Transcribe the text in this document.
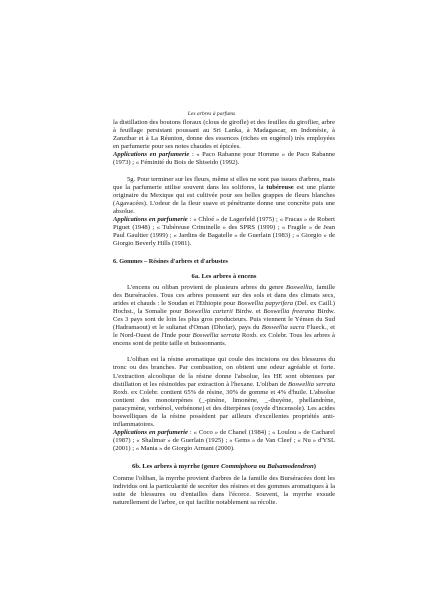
Les arbres à parfums

la distillation des boutons floraux (clous de girofle) et des feuilles du giroflier, arbre à feuillage persistant poussant au Sri Lanka, à Madagascar, en Indonésie, à Zanzibar et à La Réunion, donne des essences (riches en eugénol) très employées en parfumerie pour ses notes chaudes et épicées.

Applications en parfumerie : « Paco Rabanne pour Homme » de Paco Rabanne (1973) ; « Féminité du Bois de Shiseido (1992).

5g. Pour terminer sur les fleurs, même si elles ne sont pas issues d'arbres, mais que la parfumerie utilise souvent dans les solifores, la tubéreuse est une plante originaire du Mexique qui est cultivée pour ses belles grappes de fleurs blanches (Agavacées). L'odeur de la fleur suave et pénétrante donne une concrète puis une absolue.

Applications en parfumerie : « Chloé » de Lagerfeld (1975) ; « Fracas » de Robert Piguet (1948) ; « Tubéreuse Criminelle » des SPRS (1999) ; « Fragile » de Jean Paul Gaultier (1999) ; « Jardins de Bagatelle » de Guerlain (1983) ; « Giorgio » de Giorgio Beverly Hills (1981).

6. Gommes – Résines d'arbres et d'arbustes
6a. Les arbres à encens

L'encens ou oliban provient de plusieurs arbres du genre Boswellia, famille des Burséracées. Tous ces arbres poussent sur des sols et dans des climats secs, arides et chauds : le Soudan et l'Ethiopie pour Boswellia papyrifera (Del. ex Caill.) Hochst., la Somalie pour Boswellia carterii Birdw. et Boswellia freerana Birdw. Ces 3 pays sont de loin les plus gros producteurs. Puis viennent le Yémen du Sud (Hadramaout) et le sultanat d'Oman (Dhofar), pays du Boswellia sacra Flueck., et le Nord-Ouest de l'Inde pour Boswellia serrata Roxb. ex Colebr. Tous les arbres à encens sont de petite taille et buissonnants.

L'oliban est la résine aromatique qui coule des incisions ou des blessures du tronc ou des branches. Par combustion, on obtient une odeur agréable et forte. L'extraction alcoolique de la résine donne l'absolue, les HE sont obtenues par distillation et les résinoïdes par extraction à l'hexane. L'oliban de Boswellia serrata Roxb. ex Colebr. contient 65% de résine, 30% de gomme et 4% d'huile. L'absolue contient des monoterpènes (_-pinène, limonène, _-thuyène, phellandrène, paracymène, verbénol, verbénone) et des diterpènes (oxyde d'incensole). Les acides boswelliques de la résine possèdent par ailleurs d'excellentes propriétés anti-inflammatoires.

Applications en parfumerie : « Coco » de Chanel (1984) ; « Loulou » de Cacharel (1987) ; « Shalimar » de Guerlain (1925) ; « Gems » de Van Cleef ; « Nu » d'YSL (2001) ; « Mania » de Giorgio Armani (2000).

6b. Les arbres à myrrhe (genre Commiphora ou Balsamodendron)

Comme l'oliban, la myrrhe provient d'arbres de la famille des Burséracées dont les individus ont la particularité de secréter des résines et des gommes aromatiques à la suite de blessures ou d'entailles dans l'écorce. Souvent, la myrrhe exsude naturellement de l'arbre, ce qui facilite notablement sa récolte.
